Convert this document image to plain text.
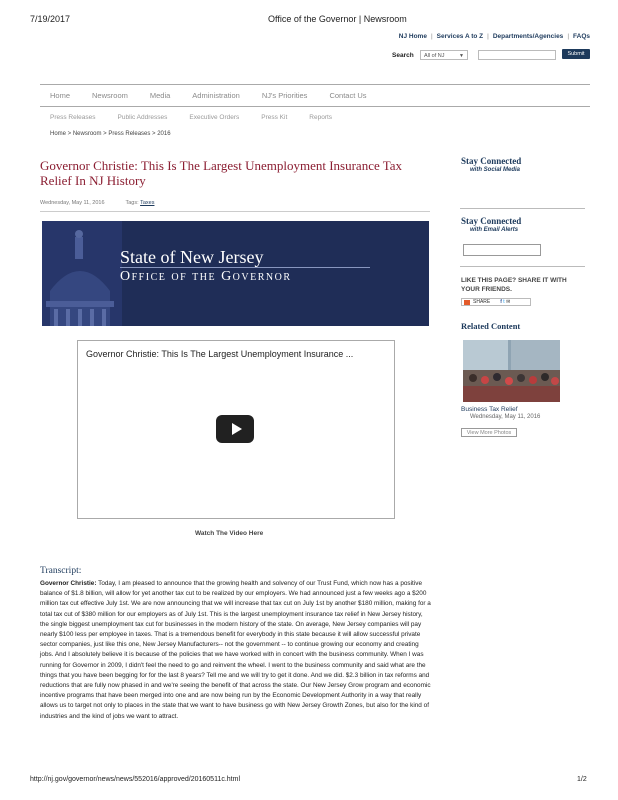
7/19/2017	Office of the Governor | Newsroom
NJ Home | Services A to Z | Departments/Agencies | FAQs
Search	All of NJ	▼	Submit
Home	Newsroom	Media	Administration	NJ's Priorities	Contact Us
Press Releases	Public Addresses	Executive Orders	Press Kit	Reports
Home > Newsroom > Press Releases > 2016
Governor Christie: This Is The Largest Unemployment Insurance Tax Relief In NJ History
Wednesday, May 11, 2016	Tags: Taxes
State of New Jersey
Office of the Governor
Governor Christie: This Is The Largest Unemployment Insurance ...
Watch The Video Here
Transcript:
Governor Christie: Today, I am pleased to announce that the growing health and solvency of our Trust Fund, which now has a positive balance of $1.8 billion, will allow for yet another tax cut to be realized by our employers. We had announced just a few weeks ago a $200 million tax cut effective July 1st. We are now announcing that we will increase that tax cut on July 1st by another $180 million, making for a total tax cut of $380 million for our employers as of July 1st. This is the largest unemployment insurance tax relief in New Jersey history, the single biggest unemployment tax cut for businesses in the modern history of the state. On average, New Jersey companies will pay nearly $100 less per employee in taxes. That is a tremendous benefit for everybody in this state because it will allow successful private sector companies, just like this one, New Jersey Manufacturers-- not the government -- to continue growing our economy and creating jobs. And I absolutely believe it is because of the policies that we have worked with in concert with the business community. When I was running for Governor in 2009, I didn't feel the need to go and reinvent the wheel. I went to the business community and said what are the things that you have been begging for for the last 8 years? Tell me and we will try to get it done. And we did. $2.3 billion in tax reforms and reductions that are fully now phased in and we're seeing the benefit of that across the state. Our New Jersey Grow program and economic incentive programs that have been merged into one and are now being run by the Economic Development Authority in a way that really allows us to target not only to places in the state that we want to have business go with New Jersey Growth Zones, but also for the kind of industries and the kind of jobs we want to attract.
Stay Connected
with Social Media
Stay Connected
with Email Alerts
LIKE THIS PAGE? SHARE IT WITH YOUR FRIENDS.
SHARE f t ✉
Related Content
Business Tax Relief
Wednesday, May 11, 2016
View More Photos
http://nj.gov/governor/news/news/552016/approved/20160511c.html	1/2
